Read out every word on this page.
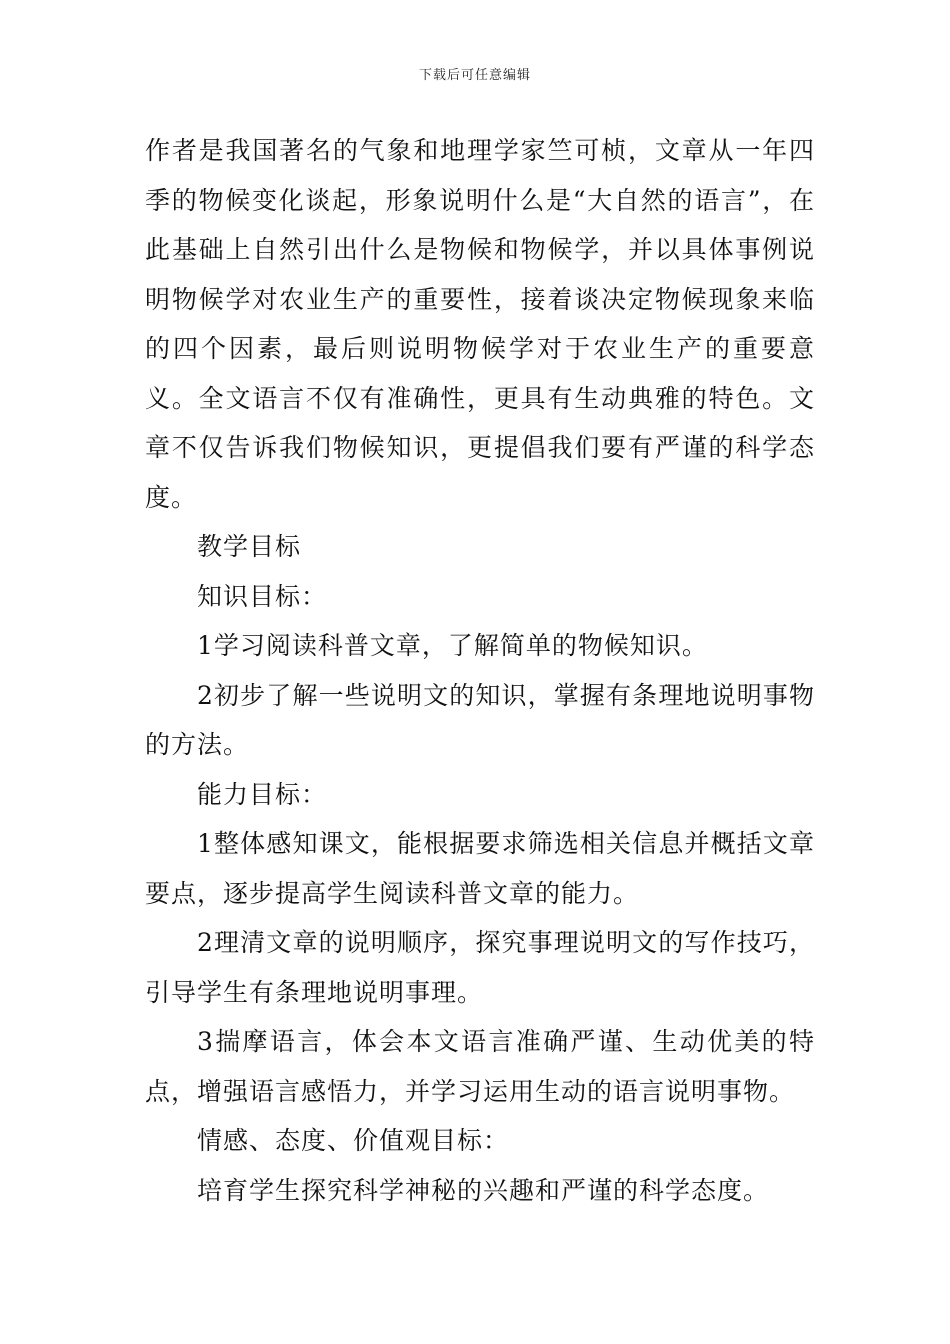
下载后可任意编辑

作者是我国著名的气象和地理学家竺可桢，文章从一年四季的物候变化谈起，形象说明什么是“大自然的语言”，在此基础上自然引出什么是物候和物候学，并以具体事例说明物候学对农业生产的重要性，接着谈决定物候现象来临的四个因素，最后则说明物候学对于农业生产的重要意义。全文语言不仅有准确性，更具有生动典雅的特色。文章不仅告诉我们物候知识，更提倡我们要有严谨的科学态度。

教学目标

知识目标：

1学习阅读科普文章，了解简单的物候知识。

2初步了解一些说明文的知识，掌握有条理地说明事物的方法。

能力目标：

1整体感知课文，能根据要求筛选相关信息并概括文章要点，逐步提高学生阅读科普文章的能力。

2理清文章的说明顺序，探究事理说明文的写作技巧，引导学生有条理地说明事理。

3揣摩语言，体会本文语言准确严谨、生动优美的特点，增强语言感悟力，并学习运用生动的语言说明事物。

情感、态度、价值观目标：

培育学生探究科学神秘的兴趣和严谨的科学态度。
